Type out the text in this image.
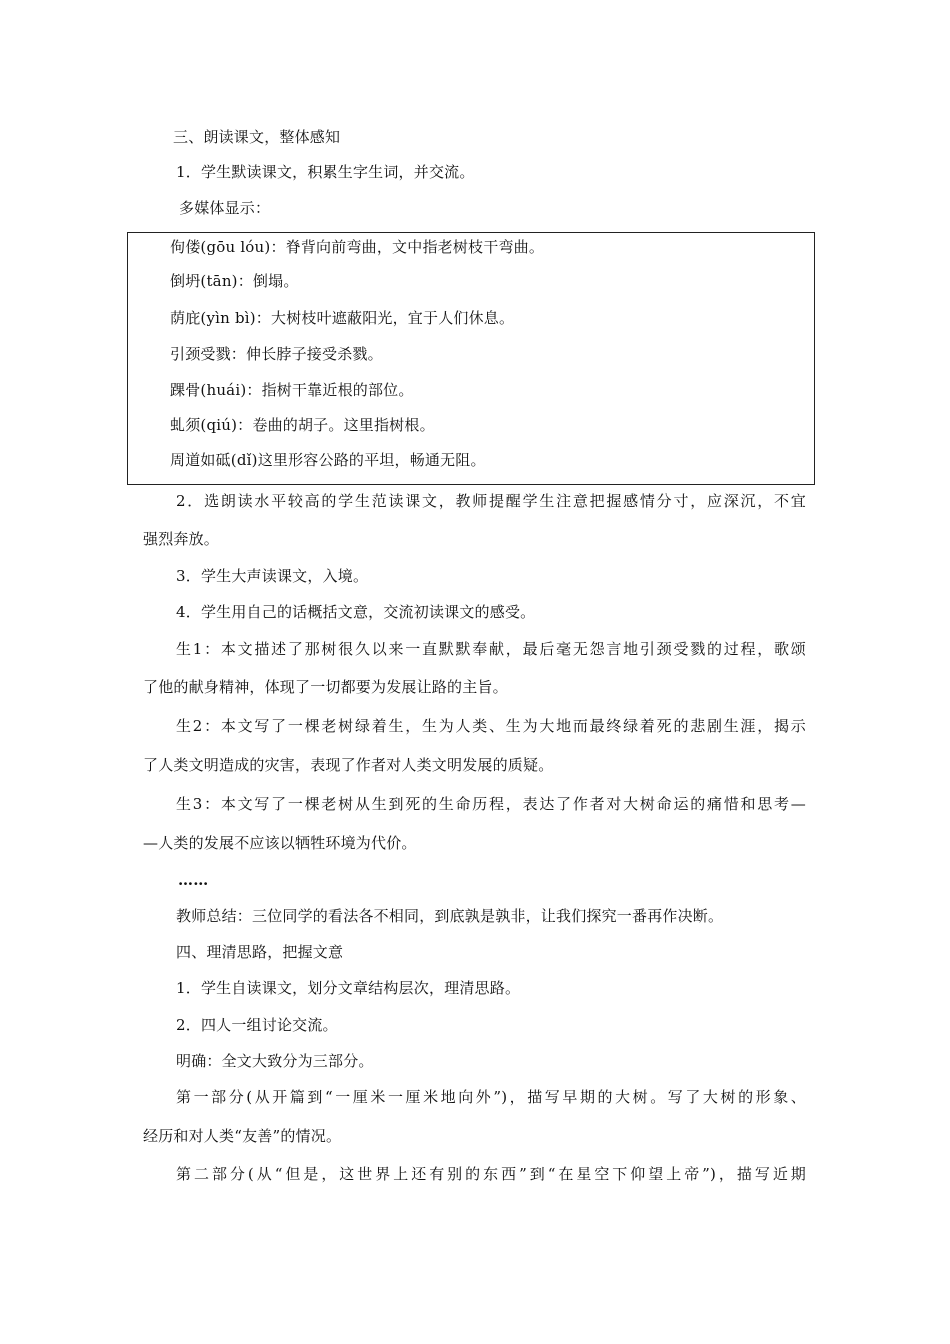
三、朗读课文，整体感知
1．学生默读课文，积累生字生词，并交流。
多媒体显示：
佝偻(gōu lóu)：脊背向前弯曲，文中指老树枝干弯曲。
倒坍(tān)：倒塌。
荫庇(yìn bì)：大树枝叶遮蔽阳光，宜于人们休息。
引颈受戮：伸长脖子接受杀戮。
踝骨(huái)：指树干靠近根的部位。
虬须(qiú)：卷曲的胡子。这里指树根。
周道如砥(dǐ)这里形容公路的平坦，畅通无阻。
2．选朗读水平较高的学生范读课文，教师提醒学生注意把握感情分寸，应深沉，不宜
强烈奔放。
3．学生大声读课文，入境。
4．学生用自己的话概括文意，交流初读课文的感受。
生1：本文描述了那树很久以来一直默默奉献，最后毫无怨言地引颈受戮的过程，歌颂
了他的献身精神，体现了一切都要为发展让路的主旨。
生2：本文写了一棵老树绿着生，生为人类、生为大地而最终绿着死的悲剧生涯，揭示
了人类文明造成的灾害，表现了作者对人类文明发展的质疑。
生3：本文写了一棵老树从生到死的生命历程，表达了作者对大树命运的痛惜和思考—
—人类的发展不应该以牺牲环境为代价。
……
教师总结：三位同学的看法各不相同，到底孰是孰非，让我们探究一番再作决断。
四、理清思路，把握文意
1．学生自读课文，划分文章结构层次，理清思路。
2．四人一组讨论交流。
明确：全文大致分为三部分。
第一部分(从开篇到“一厘米一厘米地向外”)，描写早期的大树。写了大树的形象、
经历和对人类“友善”的情况。
第二部分(从“但是，这世界上还有别的东西”到“在星空下仰望上帝”)，描写近期
